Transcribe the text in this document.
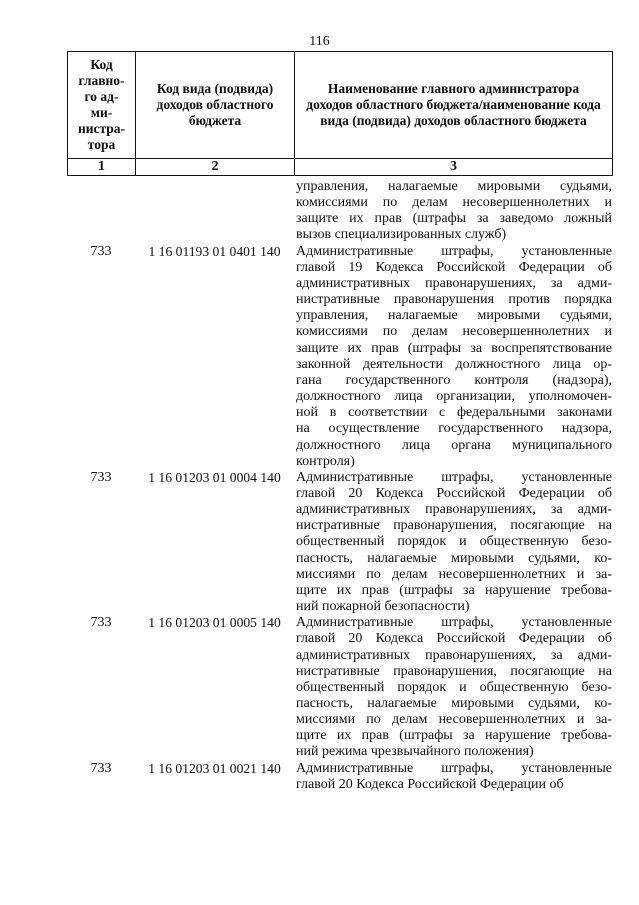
116
Код главно-го ад-ми-нистра-тора	Код вида (подвида) доходов областного бюджета	Наименование главного администратора доходов областного бюджета/наименование кода вида (подвида) доходов областного бюджета

1	2	3
управления, налагаемые мировыми судьями,
комиссиями по делам несовершеннолетних и
защите их прав (штрафы за заведомо ложный
вызов специализированных служб)
733	1 16 01193 01 0401 140	Административные штрафы, установленные
главой 19 Кодекса Российской Федерации об
административных правонарушениях, за адми-
нистративные правонарушения против порядка
управления, налагаемые мировыми судьями,
комиссиями по делам несовершеннолетних и
защите их прав (штрафы за воспрепятствование
законной деятельности должностного лица ор-
гана государственного контроля (надзора),
должностного лица организации, уполномочен-
ной в соответствии с федеральными законами
на осуществление государственного надзора,
должностного лица органа муниципального
контроля)
733	1 16 01203 01 0004 140	Административные штрафы, установленные
главой 20 Кодекса Российской Федерации об
административных правонарушениях, за адми-
нистративные правонарушения, посягающие на
общественный порядок и общественную безо-
пасность, налагаемые мировыми судьями, ко-
миссиями по делам несовершеннолетних и за-
щите их прав (штрафы за нарушение требова-
ний пожарной безопасности)
733	1 16 01203 01 0005 140	Административные штрафы, установленные
главой 20 Кодекса Российской Федерации об
административных правонарушениях, за адми-
нистративные правонарушения, посягающие на
общественный порядок и общественную безо-
пасность, налагаемые мировыми судьями, ко-
миссиями по делам несовершеннолетних и за-
щите их прав (штрафы за нарушение требова-
ний режима чрезвычайного положения)
733	1 16 01203 01 0021 140	Административные штрафы, установленные
главой 20 Кодекса Российской Федерации об
